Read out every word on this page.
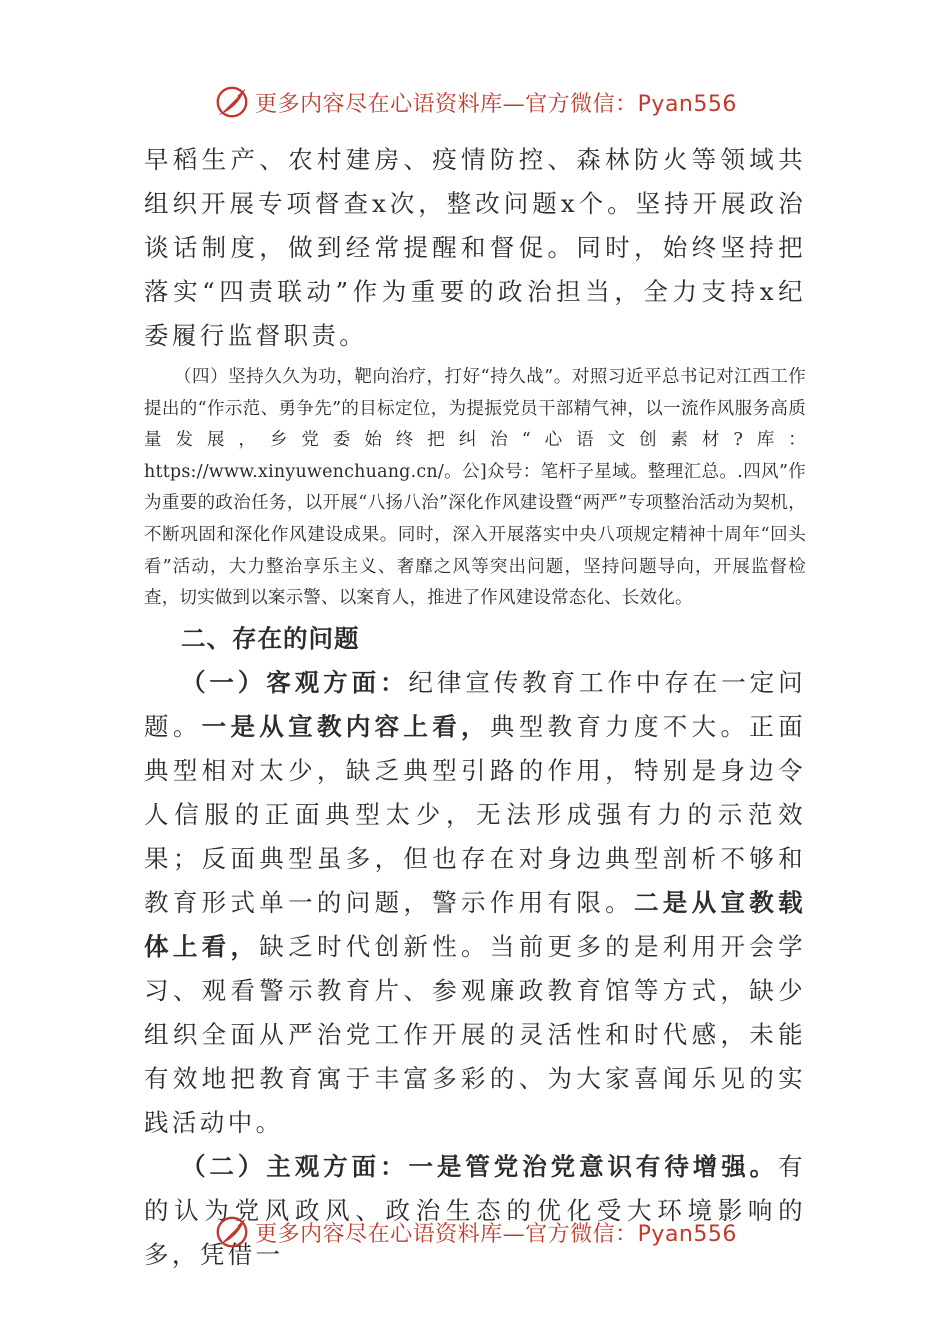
更多内容尽在心语资料库—官方微信：Pyan556

早稻生产、农村建房、疫情防控、森林防火等领域共组织开展专项督查x次，整改问题x个。坚持开展政治谈话制度，做到经常提醒和督促。同时，始终坚持把落实“四责联动”作为重要的政治担当，全力支持x纪委履行监督职责。

（四）坚持久久为功，靶向治疗，打好“持久战”。对照习近平总书记对江西工作提出的“作示范、勇争先”的目标定位，为提振党员干部精气神，以一流作风服务高质量发展，乡党委始终把纠治“心语文创素材?库：https://www.xinyuwenchuang.cn/。公]众号：笔杆子星域。整理汇总。.四风”作为重要的政治任务，以开展“八扬八治”深化作风建设暨“两严”专项整治活动为契机，不断巩固和深化作风建设成果。同时，深入开展落实中央八项规定精神十周年“回头看”活动，大力整治享乐主义、奢靡之风等突出问题，坚持问题导向，开展监督检查，切实做到以案示警、以案育人，推进了作风建设常态化、长效化。

二、存在的问题

（一）客观方面：纪律宣传教育工作中存在一定问题。一是从宣教内容上看，典型教育力度不大。正面典型相对太少，缺乏典型引路的作用，特别是身边令人信服的正面典型太少，无法形成强有力的示范效果；反面典型虽多，但也存在对身边典型剖析不够和教育形式单一的问题，警示作用有限。二是从宣教载体上看，缺乏时代创新性。当前更多的是利用开会学习、观看警示教育片、参观廉政教育馆等方式，缺少组织全面从严治党工作开展的灵活性和时代感，未能有效地把教育寓于丰富多彩的、为大家喜闻乐见的实践活动中。

（二）主观方面：一是管党治党意识有待增强。有的认为党风政风、政治生态的优化受大环境影响的多，凭借一

更多内容尽在心语资料库—官方微信：Pyan556
